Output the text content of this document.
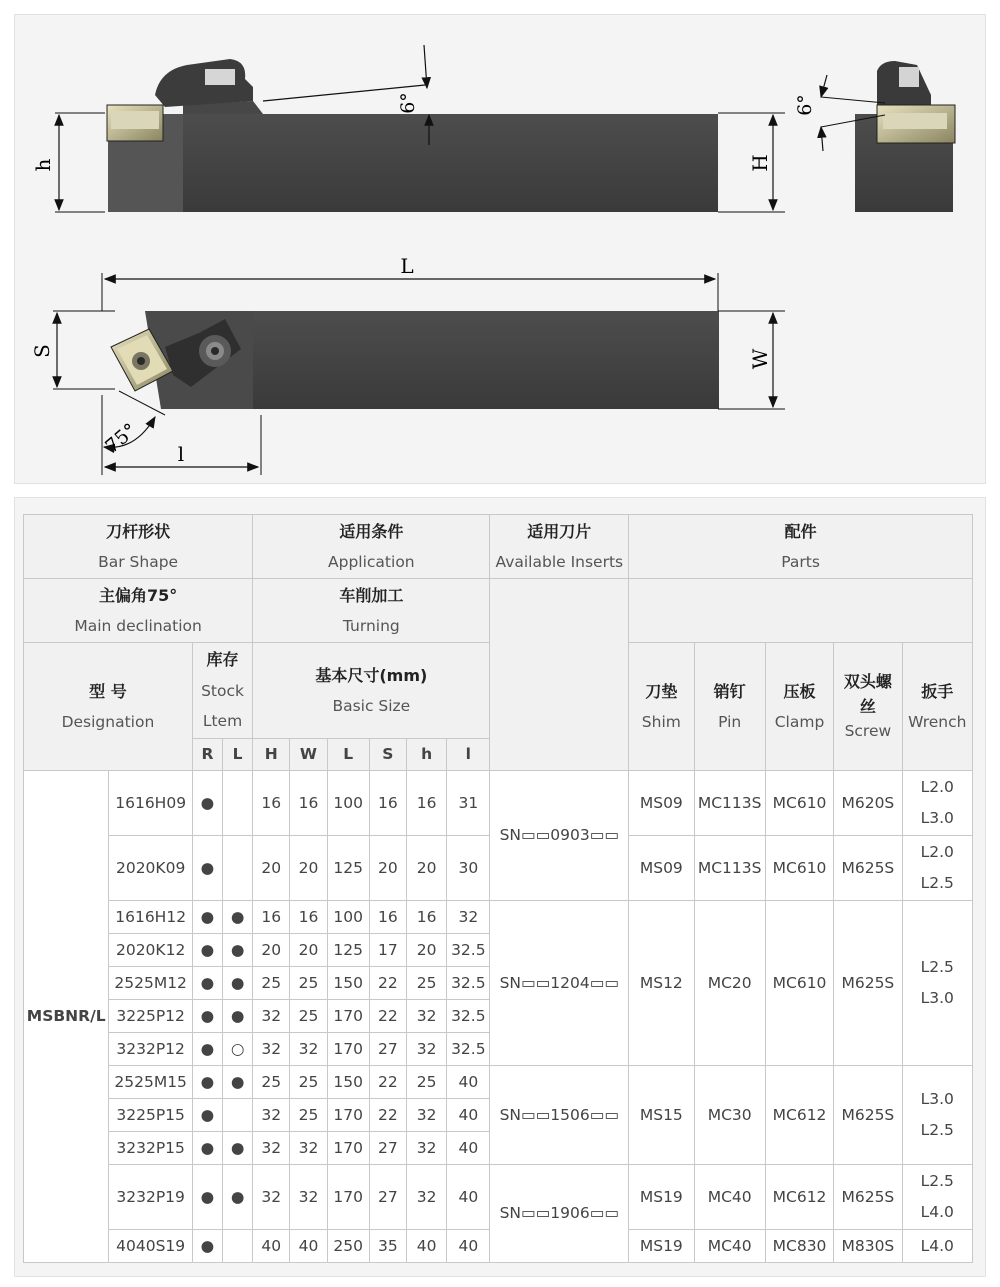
h
6°
H
6°
L
S	W
75° l
刀杆形状
Bar Shape				适用条件
Application						适用刀片
Available Inserts	配件
Parts				

主偏角75°
Main declination				车削加工
Turning											

型 号
Designation		库存
Stock
Ltem		基本尺寸(mm)
Basic Size							刀垫
Shim	销钉
Pin	压板
Clamp	双头螺
丝
Screw	扳手
Wrench

		R	L	H	W	L	S	h	l						
MSBNR/L	1616H09	●		16	16	100	16	16	31	SN▭▭0903▭▭	MS09	MC113S	MC610	M620S	L2.0
L3.0

	2020K09	●		20	20	125	20	20	30		MS09	MC113S	MC610	M625S	L2.0
L2.5

	1616H12	●	●	16	16	100	16	16	32	SN▭▭1204▭▭	MS12	MC20	MC610	M625S	L2.5
L3.0

	2020K12	●	●	20	20	125	17	20	32.5						
	2525M12	●	●	25	25	150	22	25	32.5						
	3225P12	●	●	32	25	170	22	32	32.5						
	3232P12	●	○	32	32	170	27	32	32.5						
	2525M15	●	●	25	25	150	22	25	40	SN▭▭1506▭▭	MS15	MC30	MC612	M625S	L3.0
L2.5

	3225P15	●		32	25	170	22	32	40						
	3232P15	●	●	32	32	170	27	32	40						
	3232P19	●	●	32	32	170	27	32	40	SN▭▭1906▭▭	MS19	MC40	MC612	M625S	L2.5
L4.0

	4040S19	●		40	40	250	35	40	40		MS19	MC40	MC830	M830S	L4.0
